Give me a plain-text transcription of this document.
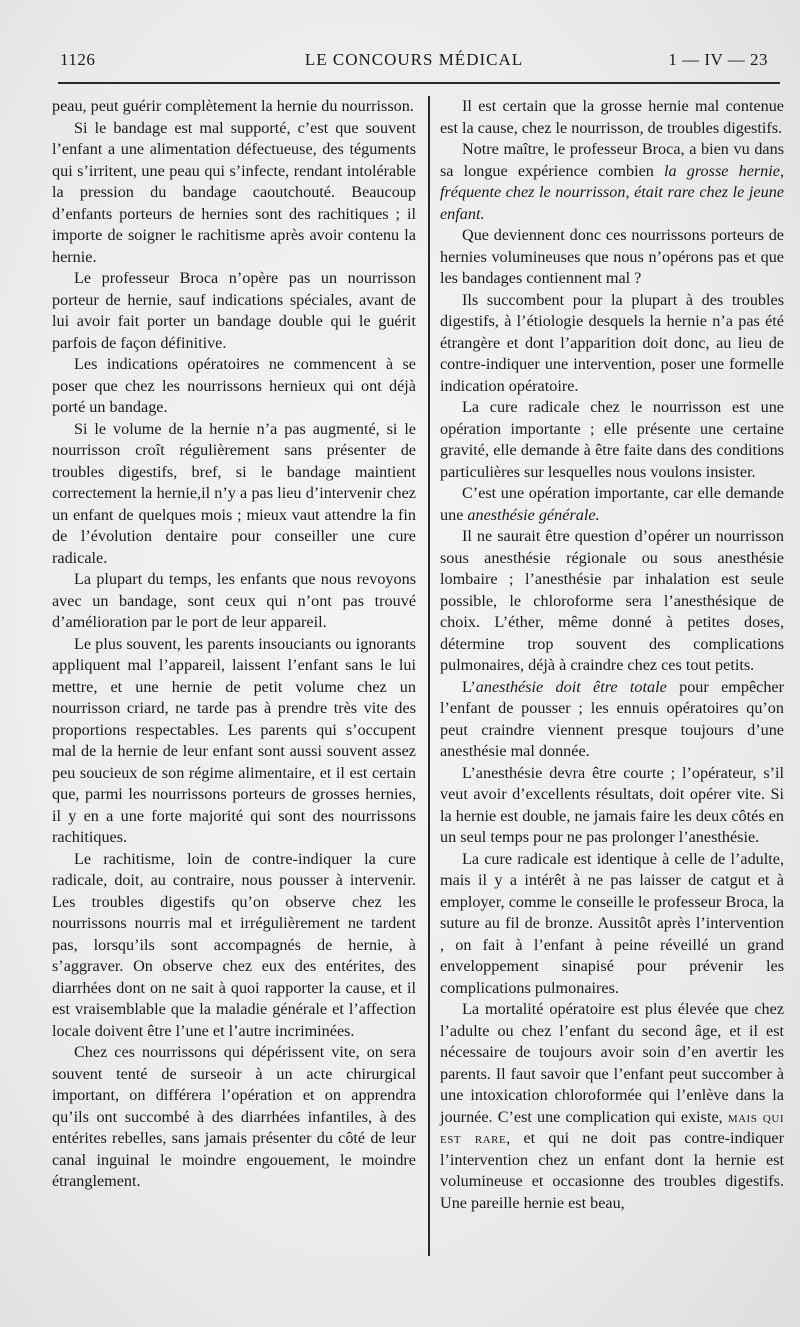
1126	LE CONCOURS MÉDICAL	1 — IV — 23

peau, peut guérir complètement la hernie du nourrisson.

Si le bandage est mal supporté, c’est que souvent l’enfant a une alimentation défectueuse, des téguments qui s’irritent, une peau qui s’infecte, rendant intolérable la pression du bandage caoutchouté. Beaucoup d’enfants porteurs de hernies sont des rachitiques ; il importe de soigner le rachitisme après avoir contenu la hernie.

Le professeur Broca n’opère pas un nourrisson porteur de hernie, sauf indications spéciales, avant de lui avoir fait porter un bandage double qui le guérit parfois de façon définitive.

Les indications opératoires ne commencent à se poser que chez les nourrissons hernieux qui ont déjà porté un bandage.

Si le volume de la hernie n’a pas augmenté, si le nourrisson croît régulièrement sans présenter de troubles digestifs, bref, si le bandage maintient correctement la hernie,il n’y a pas lieu d’intervenir chez un enfant de quelques mois ; mieux vaut attendre la fin de l’évolution dentaire pour conseiller une cure radicale.

La plupart du temps, les enfants que nous revoyons avec un bandage, sont ceux qui n’ont pas trouvé d’amélioration par le port de leur appareil.

Le plus souvent, les parents insouciants ou ignorants appliquent mal l’appareil, laissent l’enfant sans le lui mettre, et une hernie de petit volume chez un nourrisson criard, ne tarde pas à prendre très vite des proportions respectables. Les parents qui s’occupent mal de la hernie de leur enfant sont aussi souvent assez peu soucieux de son régime alimentaire, et il est certain que, parmi les nourrissons porteurs de grosses hernies, il y en a une forte majorité qui sont des nourrissons rachitiques.

Le rachitisme, loin de contre-indiquer la cure radicale, doit, au contraire, nous pousser à intervenir. Les troubles digestifs qu’on observe chez les nourrissons nourris mal et irrégulièrement ne tardent pas, lorsqu’ils sont accompagnés de hernie, à s’aggraver. On observe chez eux des entérites, des diarrhées dont on ne sait à quoi rapporter la cause, et il est vraisemblable que la maladie générale et l’affection locale doivent être l’une et l’autre incriminées.

Chez ces nourrissons qui dépérissent vite, on sera souvent tenté de surseoir à un acte chirurgical important, on différera l’opération et on apprendra qu’ils ont succombé à des diarrhées infantiles, à des entérites rebelles, sans jamais présenter du côté de leur canal inguinal le moindre engouement, le moindre étranglement.

Il est certain que la grosse hernie mal contenue est la cause, chez le nourrisson, de troubles digestifs.

Notre maître, le professeur Broca, a bien vu dans sa longue expérience combien la grosse hernie, fréquente chez le nourrisson, était rare chez le jeune enfant.

Que deviennent donc ces nourrissons porteurs de hernies volumineuses que nous n’opérons pas et que les bandages contiennent mal ?

Ils succombent pour la plupart à des troubles digestifs, à l’étiologie desquels la hernie n’a pas été étrangère et dont l’apparition doit donc, au lieu de contre-indiquer une intervention, poser une formelle indication opératoire.

La cure radicale chez le nourrisson est une opération importante ; elle présente une certaine gravité, elle demande à être faite dans des conditions particulières sur lesquelles nous voulons insister.

C’est une opération importante, car elle demande une anesthésie générale.

Il ne saurait être question d’opérer un nourrisson sous anesthésie régionale ou sous anesthésie lombaire ; l’anesthésie par inhalation est seule possible, le chloroforme sera l’anesthésique de choix. L’éther, même donné à petites doses, détermine trop souvent des complications pulmonaires, déjà à craindre chez ces tout petits.

L’anesthésie doit être totale pour empêcher l’enfant de pousser ; les ennuis opératoires qu’on peut craindre viennent presque toujours d’une anesthésie mal donnée.

L’anesthésie devra être courte ; l’opérateur, s’il veut avoir d’excellents résultats, doit opérer vite. Si la hernie est double, ne jamais faire les deux côtés en un seul temps pour ne pas prolonger l’anesthésie.

La cure radicale est identique à celle de l’adulte, mais il y a intérêt à ne pas laisser de catgut et à employer, comme le conseille le professeur Broca, la suture au fil de bronze. Aussitôt après l’intervention , on fait à l’enfant à peine réveillé un grand enveloppement sinapisé pour prévenir les complications pulmonaires.

La mortalité opératoire est plus élevée que chez l’adulte ou chez l’enfant du second âge, et il est nécessaire de toujours avoir soin d’en avertir les parents. Il faut savoir que l’enfant peut succomber à une intoxication chloroformée qui l’enlève dans la journée. C’est une complication qui existe, mais qui est rare, et qui ne doit pas contre-indiquer l’intervention chez un enfant dont la hernie est volumineuse et occasionne des troubles digestifs. Une pareille hernie est beau,
